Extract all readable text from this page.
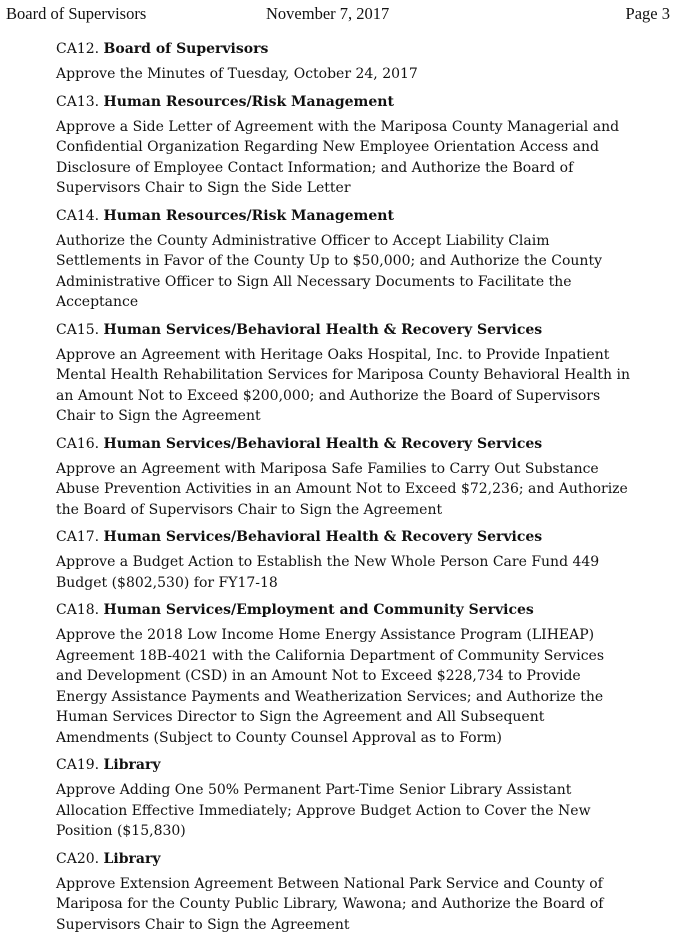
Board of Supervisors	November 7, 2017	Page 3
CA12. Board of Supervisors
Approve the Minutes of Tuesday, October 24, 2017
CA13. Human Resources/Risk Management
Approve a Side Letter of Agreement with the Mariposa County Managerial and
Confidential Organization Regarding New Employee Orientation Access and
Disclosure of Employee Contact Information; and Authorize the Board of
Supervisors Chair to Sign the Side Letter
CA14. Human Resources/Risk Management
Authorize the County Administrative Officer to Accept Liability Claim
Settlements in Favor of the County Up to $50,000; and Authorize the County
Administrative Officer to Sign All Necessary Documents to Facilitate the
Acceptance
CA15. Human Services/Behavioral Health & Recovery Services
Approve an Agreement with Heritage Oaks Hospital, Inc. to Provide Inpatient
Mental Health Rehabilitation Services for Mariposa County Behavioral Health in
an Amount Not to Exceed $200,000; and Authorize the Board of Supervisors
Chair to Sign the Agreement
CA16. Human Services/Behavioral Health & Recovery Services
Approve an Agreement with Mariposa Safe Families to Carry Out Substance
Abuse Prevention Activities in an Amount Not to Exceed $72,236; and Authorize
the Board of Supervisors Chair to Sign the Agreement
CA17. Human Services/Behavioral Health & Recovery Services
Approve a Budget Action to Establish the New Whole Person Care Fund 449
Budget ($802,530) for FY17-18
CA18. Human Services/Employment and Community Services
Approve the 2018 Low Income Home Energy Assistance Program (LIHEAP)
Agreement 18B-4021 with the California Department of Community Services
and Development (CSD) in an Amount Not to Exceed $228,734 to Provide
Energy Assistance Payments and Weatherization Services; and Authorize the
Human Services Director to Sign the Agreement and All Subsequent
Amendments (Subject to County Counsel Approval as to Form)
CA19. Library
Approve Adding One 50% Permanent Part-Time Senior Library Assistant
Allocation Effective Immediately; Approve Budget Action to Cover the New
Position ($15,830)
CA20. Library
Approve Extension Agreement Between National Park Service and County of
Mariposa for the County Public Library, Wawona; and Authorize the Board of
Supervisors Chair to Sign the Agreement
